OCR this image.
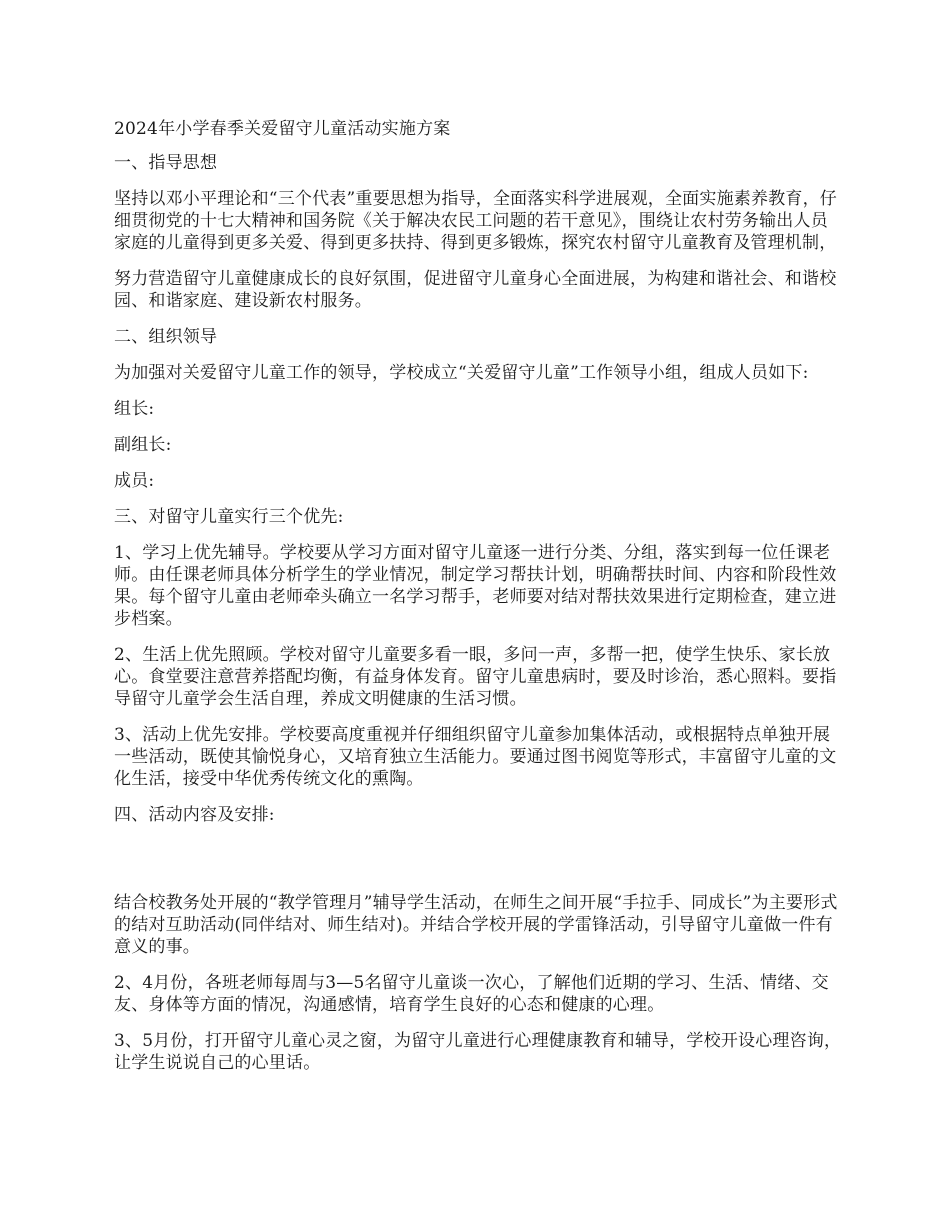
2024年小学春季关爱留守儿童活动实施方案

一、指导思想

坚持以邓小平理论和“三个代表”重要思想为指导，全面落实科学进展观，全面实施素养教育，仔细贯彻党的十七大精神和国务院《关于解决农民工问题的若干意见》，围绕让农村劳务输出人员家庭的儿童得到更多关爱、得到更多扶持、得到更多锻炼，探究农村留守儿童教育及管理机制，

努力营造留守儿童健康成长的良好氛围，促进留守儿童身心全面进展，为构建和谐社会、和谐校园、和谐家庭、建设新农村服务。

二、组织领导

为加强对关爱留守儿童工作的领导，学校成立“关爱留守儿童”工作领导小组，组成人员如下:

组长:

副组长:

成员:

三、对留守儿童实行三个优先:

1、学习上优先辅导。学校要从学习方面对留守儿童逐一进行分类、分组，落实到每一位任课老师。由任课老师具体分析学生的学业情况，制定学习帮扶计划，明确帮扶时间、内容和阶段性效果。每个留守儿童由老师牵头确立一名学习帮手，老师要对结对帮扶效果进行定期检查，建立进步档案。

2、生活上优先照顾。学校对留守儿童要多看一眼，多问一声，多帮一把，使学生快乐、家长放心。食堂要注意营养搭配均衡，有益身体发育。留守儿童患病时，要及时诊治，悉心照料。要指导留守儿童学会生活自理，养成文明健康的生活习惯。

3、活动上优先安排。学校要高度重视并仔细组织留守儿童参加集体活动，或根据特点单独开展一些活动，既使其愉悦身心，又培育独立生活能力。要通过图书阅览等形式，丰富留守儿童的文化生活，接受中华优秀传统文化的熏陶。

四、活动内容及安排:

结合校教务处开展的“教学管理月”辅导学生活动，在师生之间开展“手拉手、同成长”为主要形式的结对互助活动(同伴结对、师生结对)。并结合学校开展的学雷锋活动，引导留守儿童做一件有意义的事。

2、4月份，各班老师每周与3—5名留守儿童谈一次心，了解他们近期的学习、生活、情绪、交友、身体等方面的情况，沟通感情，培育学生良好的心态和健康的心理。

3、5月份，打开留守儿童心灵之窗，为留守儿童进行心理健康教育和辅导，学校开设心理咨询，让学生说说自己的心里话。
